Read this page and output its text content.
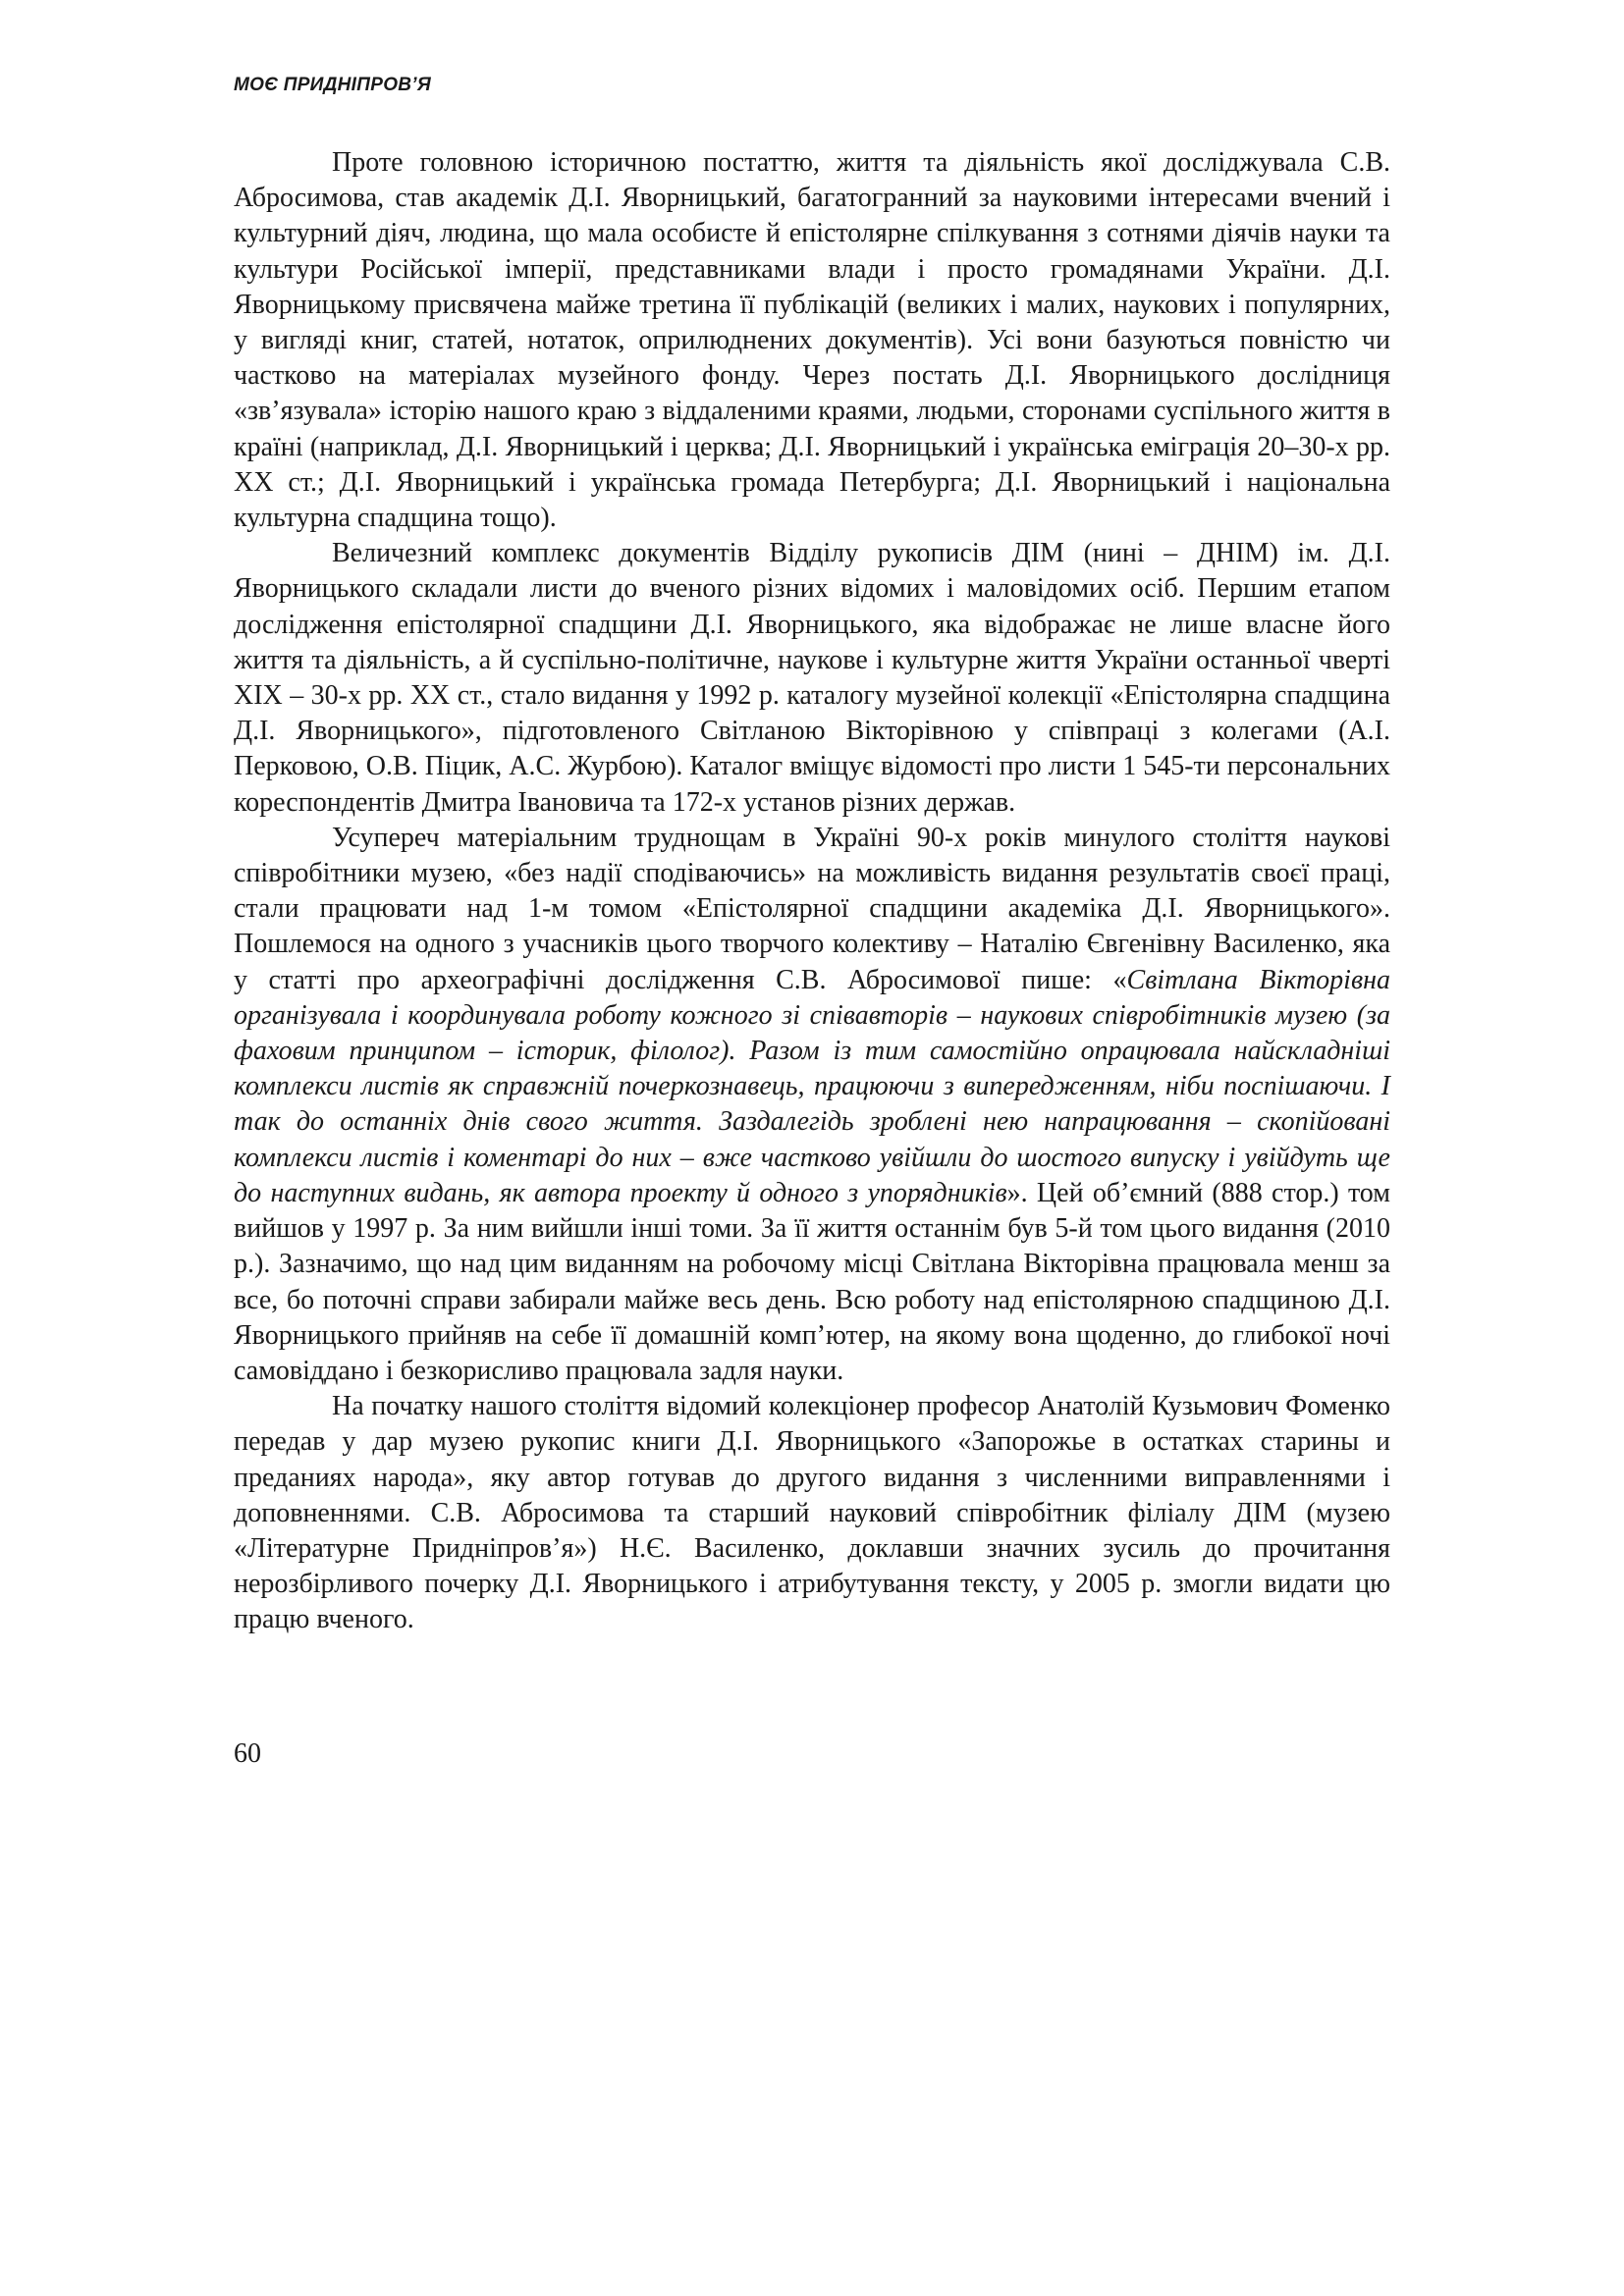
МОЄ ПРИДНІПРОВ’Я

Проте головною історичною постаттю, життя та діяльність якої досліджувала С.В. Абросимова, став академік Д.І. Яворницький, багатогранний за науковими інтересами вчений і культурний діяч, людина, що мала особисте й епістолярне спілкування з сотнями діячів науки та культури Російської імперії, представниками влади і просто громадянами України. Д.І. Яворницькому присвячена майже третина її публікацій (великих і малих, наукових і популярних, у вигляді книг, статей, нотаток, оприлюднених документів). Усі вони базуються повністю чи частково на матеріалах музейного фонду. Через постать Д.І. Яворницького дослідниця «зв’язувала» історію нашого краю з віддаленими краями, людьми, сторонами суспільного життя в країні (наприклад, Д.І. Яворницький і церква; Д.І. Яворницький і українська еміграція 20–30-х рр. ХХ ст.; Д.І. Яворницький і українська громада Петербурга; Д.І. Яворницький і національна культурна спадщина тощо).

Величезний комплекс документів Відділу рукописів ДІМ (нині – ДНІМ) ім. Д.І. Яворницького складали листи до вченого різних відомих і маловідомих осіб. Першим етапом дослідження епістолярної спадщини Д.І. Яворницького, яка відображає не лише власне його життя та діяльність, а й суспільно-політичне, наукове і культурне життя України останньої чверті ХІХ – 30-х рр. ХХ ст., стало видання у 1992 р. каталогу музейної колекції «Епістолярна спадщина Д.І. Яворницького», підготовленого Світланою Вікторівною у співпраці з колегами (А.І. Перковою, О.В. Піцик, А.С. Журбою). Каталог вміщує відомості про листи 1 545-ти персональних кореспондентів Дмитра Івановича та 172-х установ різних держав.

Усупереч матеріальним труднощам в Україні 90-х років минулого століття наукові співробітники музею, «без надії сподіваючись» на можливість видання результатів своєї праці, стали працювати над 1-м томом «Епістолярної спадщини академіка Д.І. Яворницького». Пошлемося на одного з учасників цього творчого колективу – Наталію Євгенівну Василенко, яка у статті про археографічні дослідження С.В. Абросимової пише: «Світлана Вікторівна організувала і координувала роботу кожного зі співавторів – наукових співробітників музею (за фаховим принципом – історик, філолог). Разом із тим самостійно опрацювала найскладніші комплекси листів як справжній почеркознавець, працюючи з випередженням, ніби поспішаючи. І так до останніх днів свого життя. Заздалегідь зроблені нею напрацювання – скопійовані комплекси листів і коментарі до них – вже частково увійшли до шостого випуску і увійдуть ще до наступних видань, як автора проекту й одного з упорядників». Цей об’ємний (888 стор.) том вийшов у 1997 р. За ним вийшли інші томи. За її життя останнім був 5-й том цього видання (2010 р.). Зазначимо, що над цим виданням на робочому місці Світлана Вікторівна працювала менш за все, бо поточні справи забирали майже весь день. Всю роботу над епістолярною спадщиною Д.І. Яворницького прийняв на себе її домашній комп’ютер, на якому вона щоденно, до глибокої ночі самовіддано і безкорисливо працювала задля науки.

На початку нашого століття відомий колекціонер професор Анатолій Кузьмович Фоменко передав у дар музею рукопис книги Д.І. Яворницького «Запорожье в остатках старины и преданиях народа», яку автор готував до другого видання з численними виправленнями і доповненнями. С.В. Абросимова та старший науковий співробітник філіалу ДІМ (музею «Літературне Придніпров’я») Н.Є. Василенко, доклавши значних зусиль до прочитання нерозбірливого почерку Д.І. Яворницького і атрибутування тексту, у 2005 р. змогли видати цю працю вченого.

60
